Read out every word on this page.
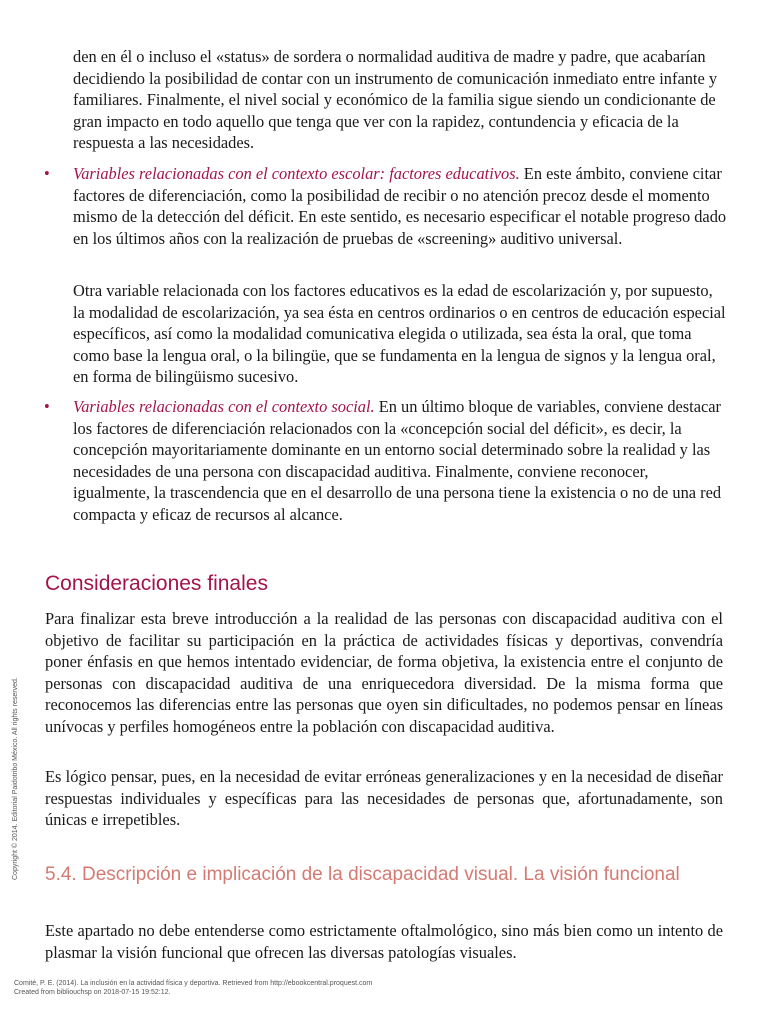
den en él o incluso el «status» de sordera o normalidad auditiva de madre y padre, que acabarían decidiendo la posibilidad de contar con un instrumento de comunicación inmediato entre infante y familiares. Finalmente, el nivel social y económico de la familia sigue siendo un condicionante de gran impacto en todo aquello que tenga que ver con la rapidez, contundencia y eficacia de la respuesta a las necesidades.

• Variables relacionadas con el contexto escolar: factores educativos. En este ámbito, conviene citar factores de diferenciación, como la posibilidad de recibir o no atención precoz desde el momento mismo de la detección del déficit. En este sentido, es necesario especificar el notable progreso dado en los últimos años con la realización de pruebas de «screening» auditivo universal.

Otra variable relacionada con los factores educativos es la edad de escolarización y, por supuesto, la modalidad de escolarización, ya sea ésta en centros ordinarios o en centros de educación especial específicos, así como la modalidad comunicativa elegida o utilizada, sea ésta la oral, que toma como base la lengua oral, o la bilingüe, que se fundamenta en la lengua de signos y la lengua oral, en forma de bilingüismo sucesivo.

• Variables relacionadas con el contexto social. En un último bloque de variables, conviene destacar los factores de diferenciación relacionados con la «concepción social del déficit», es decir, la concepción mayoritariamente dominante en un entorno social determinado sobre la realidad y las necesidades de una persona con discapacidad auditiva. Finalmente, conviene reconocer, igualmente, la trascendencia que en el desarrollo de una persona tiene la existencia o no de una red compacta y eficaz de recursos al alcance.

Consideraciones finales

Para finalizar esta breve introducción a la realidad de las personas con discapacidad auditiva con el objetivo de facilitar su participación en la práctica de actividades físicas y deportivas, convendría poner énfasis en que hemos intentado evidenciar, de forma objetiva, la existencia entre el conjunto de personas con discapacidad auditiva de una enriquecedora diversidad. De la misma forma que reconocemos las diferencias entre las personas que oyen sin dificultades, no podemos pensar en líneas unívocas y perfiles homogéneos entre la población con discapacidad auditiva.

Es lógico pensar, pues, en la necesidad de evitar erróneas generalizaciones y en la necesidad de diseñar respuestas individuales y específicas para las necesidades de personas que, afortunadamente, son únicas e irrepetibles.

5.4. Descripción e implicación de la discapacidad visual. La visión funcional

Este apartado no debe entenderse como estrictamente oftalmológico, sino más bien como un intento de plasmar la visión funcional que ofrecen las diversas patologías visuales.

Copyright © 2014. Editorial Paidotribo México. All rights reserved.
Comité, P. E. (2014). La inclusión en la actividad física y deportiva. Retrieved from http://ebookcentral.proquest.com
Created from bibliouchsp on 2018-07-15 19:52:12.
